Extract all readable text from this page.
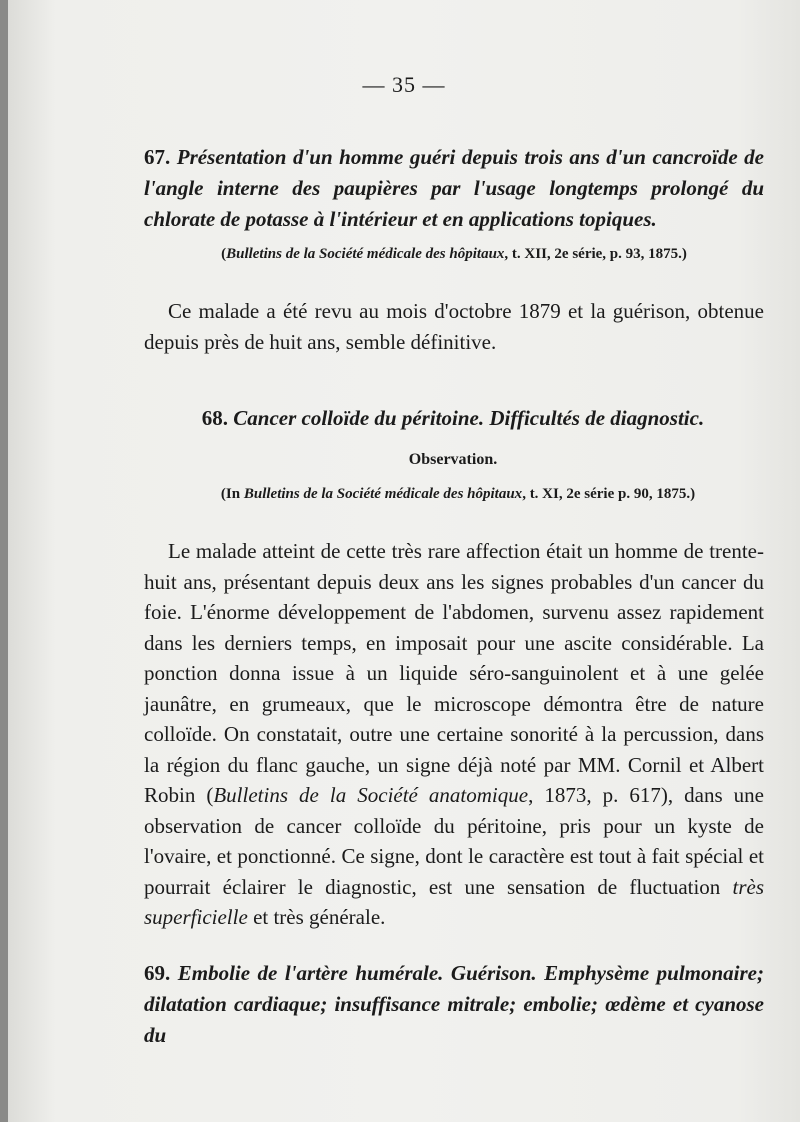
— 35 —
67. Présentation d'un homme guéri depuis trois ans d'un cancroïde de l'angle interne des paupières par l'usage longtemps prolongé du chlorate de potasse à l'intérieur et en applications topiques.
(Bulletins de la Société médicale des hôpitaux, t. XII, 2e série, p. 93, 1875.)
Ce malade a été revu au mois d'octobre 1879 et la guérison, obtenue depuis près de huit ans, semble définitive.
68. Cancer colloïde du péritoine. Difficultés de diagnostic.
Observation.
(In Bulletins de la Société médicale des hôpitaux, t. XI, 2e série p. 90, 1875.)
Le malade atteint de cette très rare affection était un homme de trente-huit ans, présentant depuis deux ans les signes probables d'un cancer du foie. L'énorme développement de l'abdomen, survenu assez rapidement dans les derniers temps, en imposait pour une ascite considérable. La ponction donna issue à un liquide séro-sanguinolent et à une gelée jaunâtre, en grumeaux, que le microscope démontra être de nature colloïde. On constatait, outre une certaine sonorité à la percussion, dans la région du flanc gauche, un signe déjà noté par MM. Cornil et Albert Robin (Bulletins de la Société anatomique, 1873, p. 617), dans une observation de cancer colloïde du péritoine, pris pour un kyste de l'ovaire, et ponctionné. Ce signe, dont le caractère est tout à fait spécial et pourrait éclairer le diagnostic, est une sensation de fluctuation très superficielle et très générale.
69. Embolie de l'artère humérale. Guérison. Emphysème pulmonaire; dilatation cardiaque; insuffisance mitrale; embolie; œdème et cyanose du
